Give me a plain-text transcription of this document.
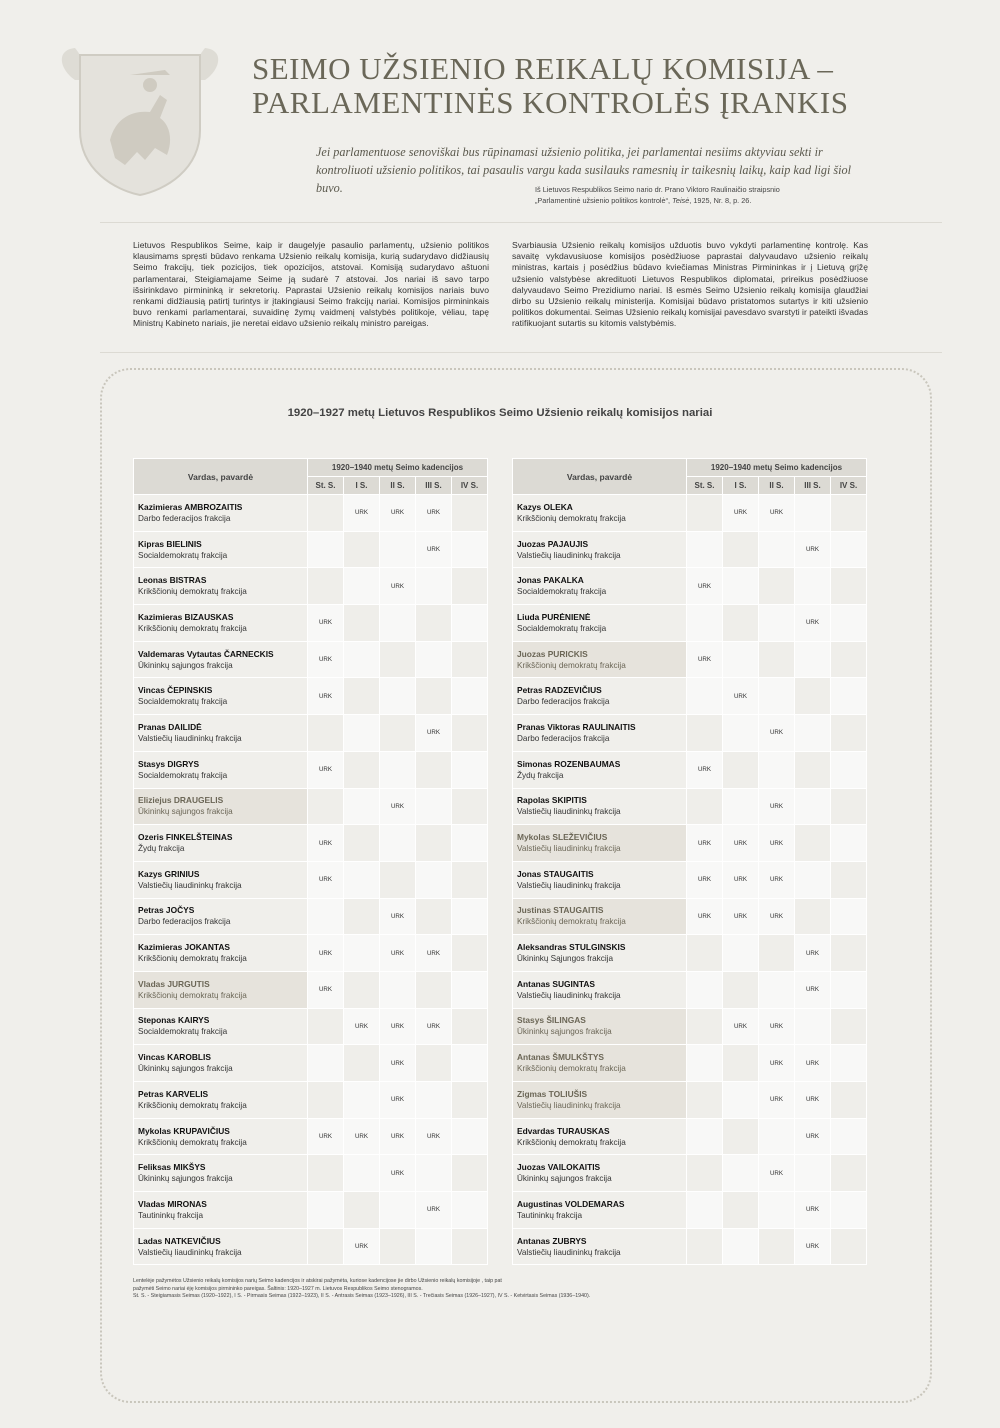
SEIMO UŽSIENIO REIKALŲ KOMISIJA –
PARLAMENTINĖS KONTROLĖS ĮRANKIS
Jei parlamentuose senoviškai bus rūpinamasi užsienio politika, jei parlamentai nesiims aktyviau sekti ir kontroliuoti užsienio politikos, tai pasaulis vargu kada susilauks ramesnių ir taikesnių laikų, kaip kad ligi šiol buvo.	Iš Lietuvos Respublikos Seimo nario dr. Prano Viktoro Raulinaičio straipsnio
„Parlamentinė užsienio politikos kontrolė“, Teisė, 1925, Nr. 8, p. 26.
Lietuvos Respublikos Seime, kaip ir daugelyje pasaulio parlamentų, užsienio politikos klausimams spręsti būdavo renkama Užsienio reikalų komisija, kurią sudarydavo didžiausių Seimo frakcijų, tiek pozicijos, tiek opozicijos, atstovai. Komisiją sudarydavo aštuoni parlamentarai, Steigiamajame Seime ją sudarė 7 atstovai. Jos nariai iš savo tarpo išsirinkdavo pirmininką ir sekretorių. Paprastai Užsienio reikalų komisijos nariais buvo renkami didžiausią patirtį turintys ir įtakingiausi Seimo frakcijų nariai. Komisijos pirmininkais buvo renkami parlamentarai, suvaidinę žymų vaidmenį valstybės politikoje, vėliau, tapę Ministrų Kabineto nariais, jie neretai eidavo užsienio reikalų ministro pareigas.
Svarbiausia Užsienio reikalų komisijos užduotis buvo vykdyti parlamentinę kontrolę. Kas savaitę vykdavusiuose komisijos posėdžiuose paprastai dalyvaudavo užsienio reikalų ministras, kartais į posėdžius būdavo kviečiamas Ministras Pirmininkas ir į Lietuvą grįžę užsienio valstybėse akredituoti Lietuvos Respublikos diplomatai, prireikus posėdžiuose dalyvaudavo Seimo Prezidiumo nariai. Iš esmės Seimo Užsienio reikalų komisija glaudžiai dirbo su Užsienio reikalų ministerija. Komisijai būdavo pristatomos sutartys ir kiti užsienio politikos dokumentai. Seimas Užsienio reikalų komisijai pavesdavo svarstyti ir pateikti išvadas ratifikuojant sutartis su kitomis valstybėmis.
1920–1927 metų Lietuvos Respublikos Seimo Užsienio reikalų komisijos nariai
Vardas, pavardė	1920–1940 metų Seimo kadencijos				
	St. S.	I S.	II S.	III S.	IV S.

Kazimieras AMBROZAITIS
Darbo federacijos frakcija		URK	URK	URK	

Kipras BIELINIS
Socialdemokratų frakcija				URK	

Leonas BISTRAS
Krikščionių demokratų frakcija			URK		

Kazimieras BIZAUSKAS
Krikščionių demokratų frakcija	URK				

Valdemaras Vytautas ČARNECKIS
Ūkininkų sąjungos frakcija	URK				

Vincas ČEPINSKIS
Socialdemokratų frakcija	URK				

Pranas DAILIDĖ
Valstiečių liaudininkų frakcija				URK	

Stasys DIGRYS
Socialdemokratų frakcija	URK				

Eliziejus DRAUGELIS
Ūkininkų sąjungos frakcija			URK		

Ozeris FINKELŠTEINAS
Žydų frakcija	URK				

Kazys GRINIUS
Valstiečių liaudininkų frakcija	URK				

Petras JOČYS
Darbo federacijos frakcija			URK		

Kazimieras JOKANTAS
Krikščionių demokratų frakcija	URK		URK	URK	

Vladas JURGUTIS
Krikščionių demokratų frakcija	URK				

Steponas KAIRYS
Socialdemokratų frakcija		URK	URK	URK	

Vincas KAROBLIS
Ūkininkų sąjungos frakcija			URK		

Petras KARVELIS
Krikščionių demokratų frakcija			URK		

Mykolas KRUPAVIČIUS
Krikščionių demokratų frakcija	URK	URK	URK	URK	

Feliksas MIKŠYS
Ūkininkų sąjungos frakcija			URK		

Vladas MIRONAS
Tautininkų frakcija				URK	

Ladas NATKEVIČIUS
Valstiečių liaudininkų frakcija		URK			
Vardas, pavardė	1920–1940 metų Seimo kadencijos				
	St. S.	I S.	II S.	III S.	IV S.

Kazys OLEKA
Krikščionių demokratų frakcija		URK	URK		

Juozas PAJAUJIS
Valstiečių liaudininkų frakcija				URK	

Jonas PAKALKA
Socialdemokratų frakcija	URK				

Liuda PURĖNIENĖ
Socialdemokratų frakcija				URK	

Juozas PURICKIS
Krikščionių demokratų frakcija	URK				

Petras RADZEVIČIUS
Darbo federacijos frakcija		URK			

Pranas Viktoras RAULINAITIS
Darbo federacijos frakcija			URK		

Simonas ROZENBAUMAS
Žydų frakcija	URK				

Rapolas SKIPITIS
Valstiečių liaudininkų frakcija			URK		

Mykolas SLEŽEVIČIUS
Valstiečių liaudininkų frakcija	URK	URK	URK		

Jonas STAUGAITIS
Valstiečių liaudininkų frakcija	URK	URK	URK		

Justinas STAUGAITIS
Krikščionių demokratų frakcija	URK	URK	URK		

Aleksandras STULGINSKIS
Ūkininkų Sąjungos frakcija				URK	

Antanas SUGINTAS
Valstiečių liaudininkų frakcija				URK	

Stasys ŠILINGAS
Ūkininkų sąjungos frakcija		URK	URK		

Antanas ŠMULKŠTYS
Krikščionių demokratų frakcija			URK	URK	

Zigmas TOLIUŠIS
Valstiečių liaudininkų frakcija			URK	URK	

Edvardas TURAUSKAS
Krikščionių demokratų frakcija				URK	

Juozas VAILOKAITIS
Ūkininkų sąjungos frakcija			URK		

Augustinas VOLDEMARAS
Tautininkų frakcija				URK	

Antanas ZUBRYS
Valstiečių liaudininkų frakcija				URK	
Lentelėje pažymėtos Užsienio reikalų komisijos narių Seimo kadencijos ir atskirai pažymėta, kuriose kadencijose jie dirbo Užsienio reikalų komisijoje , taip pat
pažymėti Seimo nariai ėję komisijos pirmininko pareigas. Šaltinis: 1920–1927 m. Lietuvos Respublikos Seimo stenogramos.
St. S. - Steigiamasis Seimas (1920–1922), I S. - Pirmasis Seimas (1922–1923), II S. - Antrasis Seimas (1923–1926), III S. - Trečiasis Seimas (1926–1927), IV S. - Ketvirtasis Seimas (1936–1940).
